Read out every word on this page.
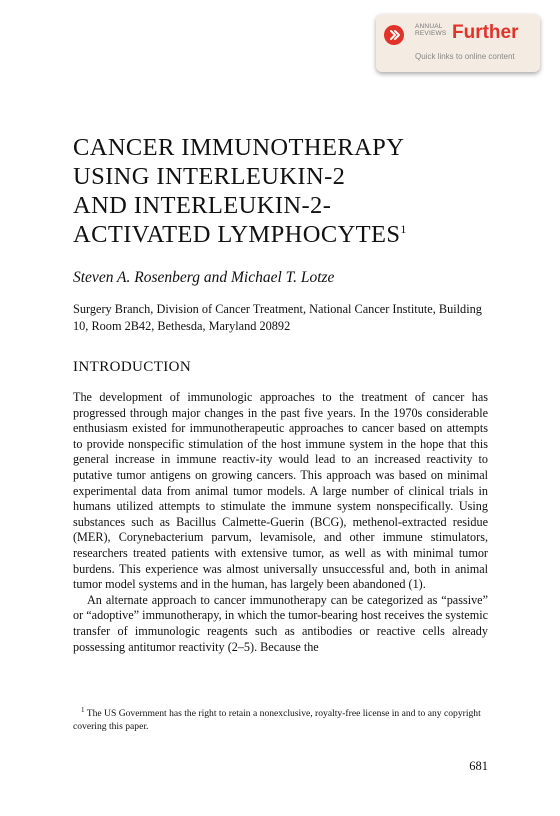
ANNUAL
REVIEWS Further
Quick links to online content
CANCER IMMUNOTHERAPY
USING INTERLEUKIN-2
AND INTERLEUKIN-2-
ACTIVATED LYMPHOCYTES$^1$

Steven A. Rosenberg and Michael T. Lotze

Surgery Branch, Division of Cancer Treatment, National Cancer Institute, Building 10, Room 2B42, Bethesda, Maryland 20892

INTRODUCTION

The development of immunologic approaches to the treatment of cancer has progressed through major changes in the past five years. In the 1970s considerable enthusiasm existed for immunotherapeutic approaches to cancer based on attempts to provide nonspecific stimulation of the host immune system in the hope that this general increase in immune reactiv-ity would lead to an increased reactivity to putative tumor antigens on growing cancers. This approach was based on minimal experimental data from animal tumor models. A large number of clinical trials in humans utilized attempts to stimulate the immune system nonspecifically. Using substances such as Bacillus Calmette-Guerin (BCG), methenol-extracted residue (MER), Corynebacterium parvum, levamisole, and other immune stimulators, researchers treated patients with extensive tumor, as well as with minimal tumor burdens. This experience was almost universally unsuccessful and, both in animal tumor model systems and in the human, has largely been abandoned (1).

An alternate approach to cancer immunotherapy can be categorized as “passive” or “adoptive” immunotherapy, in which the tumor-bearing host receives the systemic transfer of immunologic reagents such as antibodies or reactive cells already possessing antitumor reactivity (2–5). Because the

$^1$ The US Government has the right to retain a nonexclusive, royalty-free license in and to any copyright covering this paper.

681
